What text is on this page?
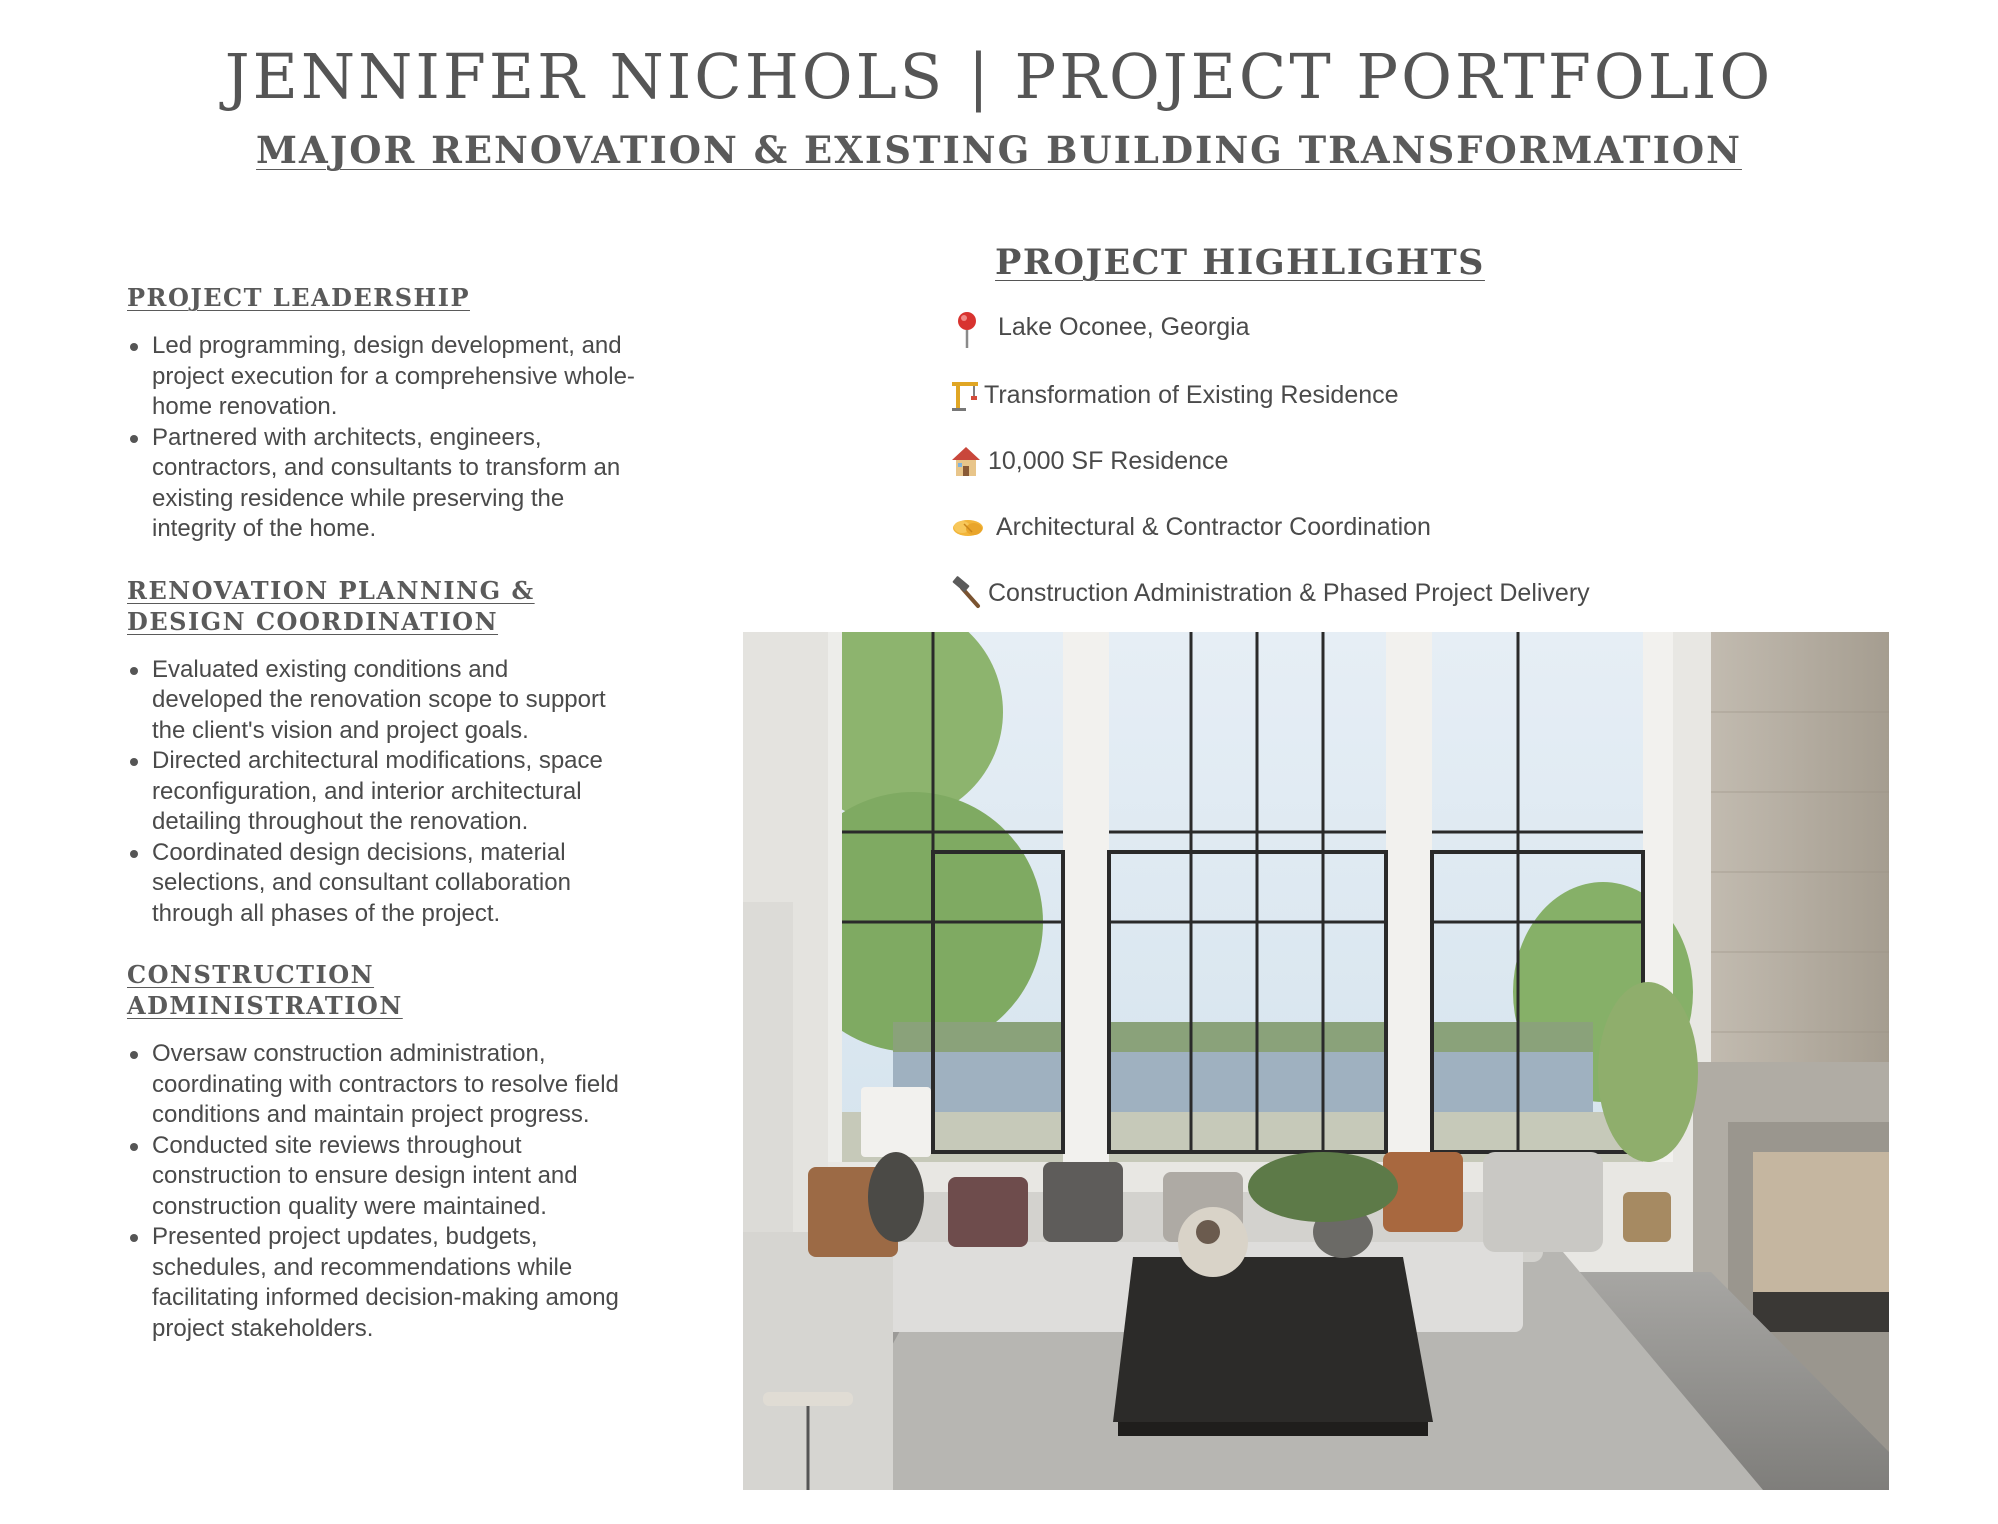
JENNIFER NICHOLS | PROJECT PORTFOLIO
MAJOR RENOVATION & EXISTING BUILDING TRANSFORMATION
PROJECT LEADERSHIP
Led programming, design development, and project execution for a comprehensive whole-home renovation.
Partnered with architects, engineers, contractors, and consultants to transform an existing residence while preserving the integrity of the home.
RENOVATION PLANNING & DESIGN COORDINATION
Evaluated existing conditions and developed the renovation scope to support the client's vision and project goals.
Directed architectural modifications, space reconfiguration, and interior architectural detailing throughout the renovation.
Coordinated design decisions, material selections, and consultant collaboration through all phases of the project.
CONSTRUCTION ADMINISTRATION
Oversaw construction administration, coordinating with contractors to resolve field conditions and maintain project progress.
Conducted site reviews throughout construction to ensure design intent and construction quality were maintained.
Presented project updates, budgets, schedules, and recommendations while facilitating informed decision-making among project stakeholders.
PROJECT HIGHLIGHTS
Lake Oconee, Georgia
Transformation of Existing Residence
10,000 SF Residence
Architectural & Contractor Coordination
Construction Administration & Phased Project Delivery
